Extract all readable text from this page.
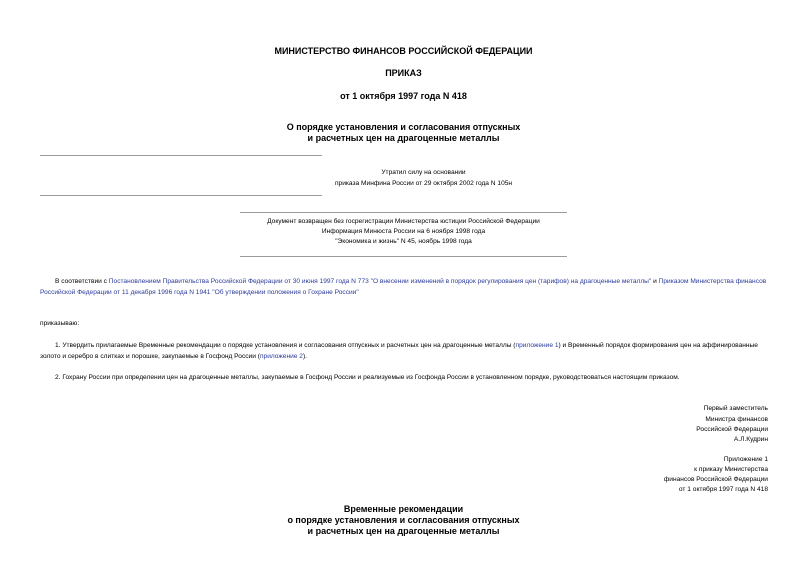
МИНИСТЕРСТВО ФИНАНСОВ РОССИЙСКОЙ ФЕДЕРАЦИИ
ПРИКАЗ
от 1 октября 1997 года N 418
О порядке установления и согласования отпускных
и расчетных цен на драгоценные металлы
Утратил силу на основании
приказа Минфина России от 29 октября 2002 года N 105н
Документ возвращен без госрегистрации Министерства юстиции Российской Федерации
Информация Минюста России на 6 ноября 1998 года
"Экономика и жизнь" N 45, ноябрь 1998 года
В соответствии с Постановлением Правительства Российской Федерации от 30 июня 1997 года N 773 "О внесении изменений в порядок регулирования цен (тарифов) на драгоценные металлы" и Приказом Министерства финансов Российской Федерации от 11 декабря 1996 года N 1941 "Об утверждении положения о Гохране России"
приказываю:
1. Утвердить прилагаемые Временные рекомендации о порядке установления и согласования отпускных и расчетных цен на драгоценные металлы (приложение 1) и Временный порядок формирования цен на аффинированные золото и серебро в слитках и порошке, закупаемые в Госфонд России (приложение 2).
2. Гохрану России при определении цен на драгоценные металлы, закупаемые в Госфонд России и реализуемые из Госфонда России в установленном порядке, руководствоваться настоящим приказом.
Первый заместитель
Министра финансов
Российской Федерации
А.Л.Кудрин
Приложение 1
к приказу Министерства
финансов Российской Федерации
от 1 октября 1997 года N 418
Временные рекомендации
о порядке установления и согласования отпускных
и расчетных цен на драгоценные металлы
